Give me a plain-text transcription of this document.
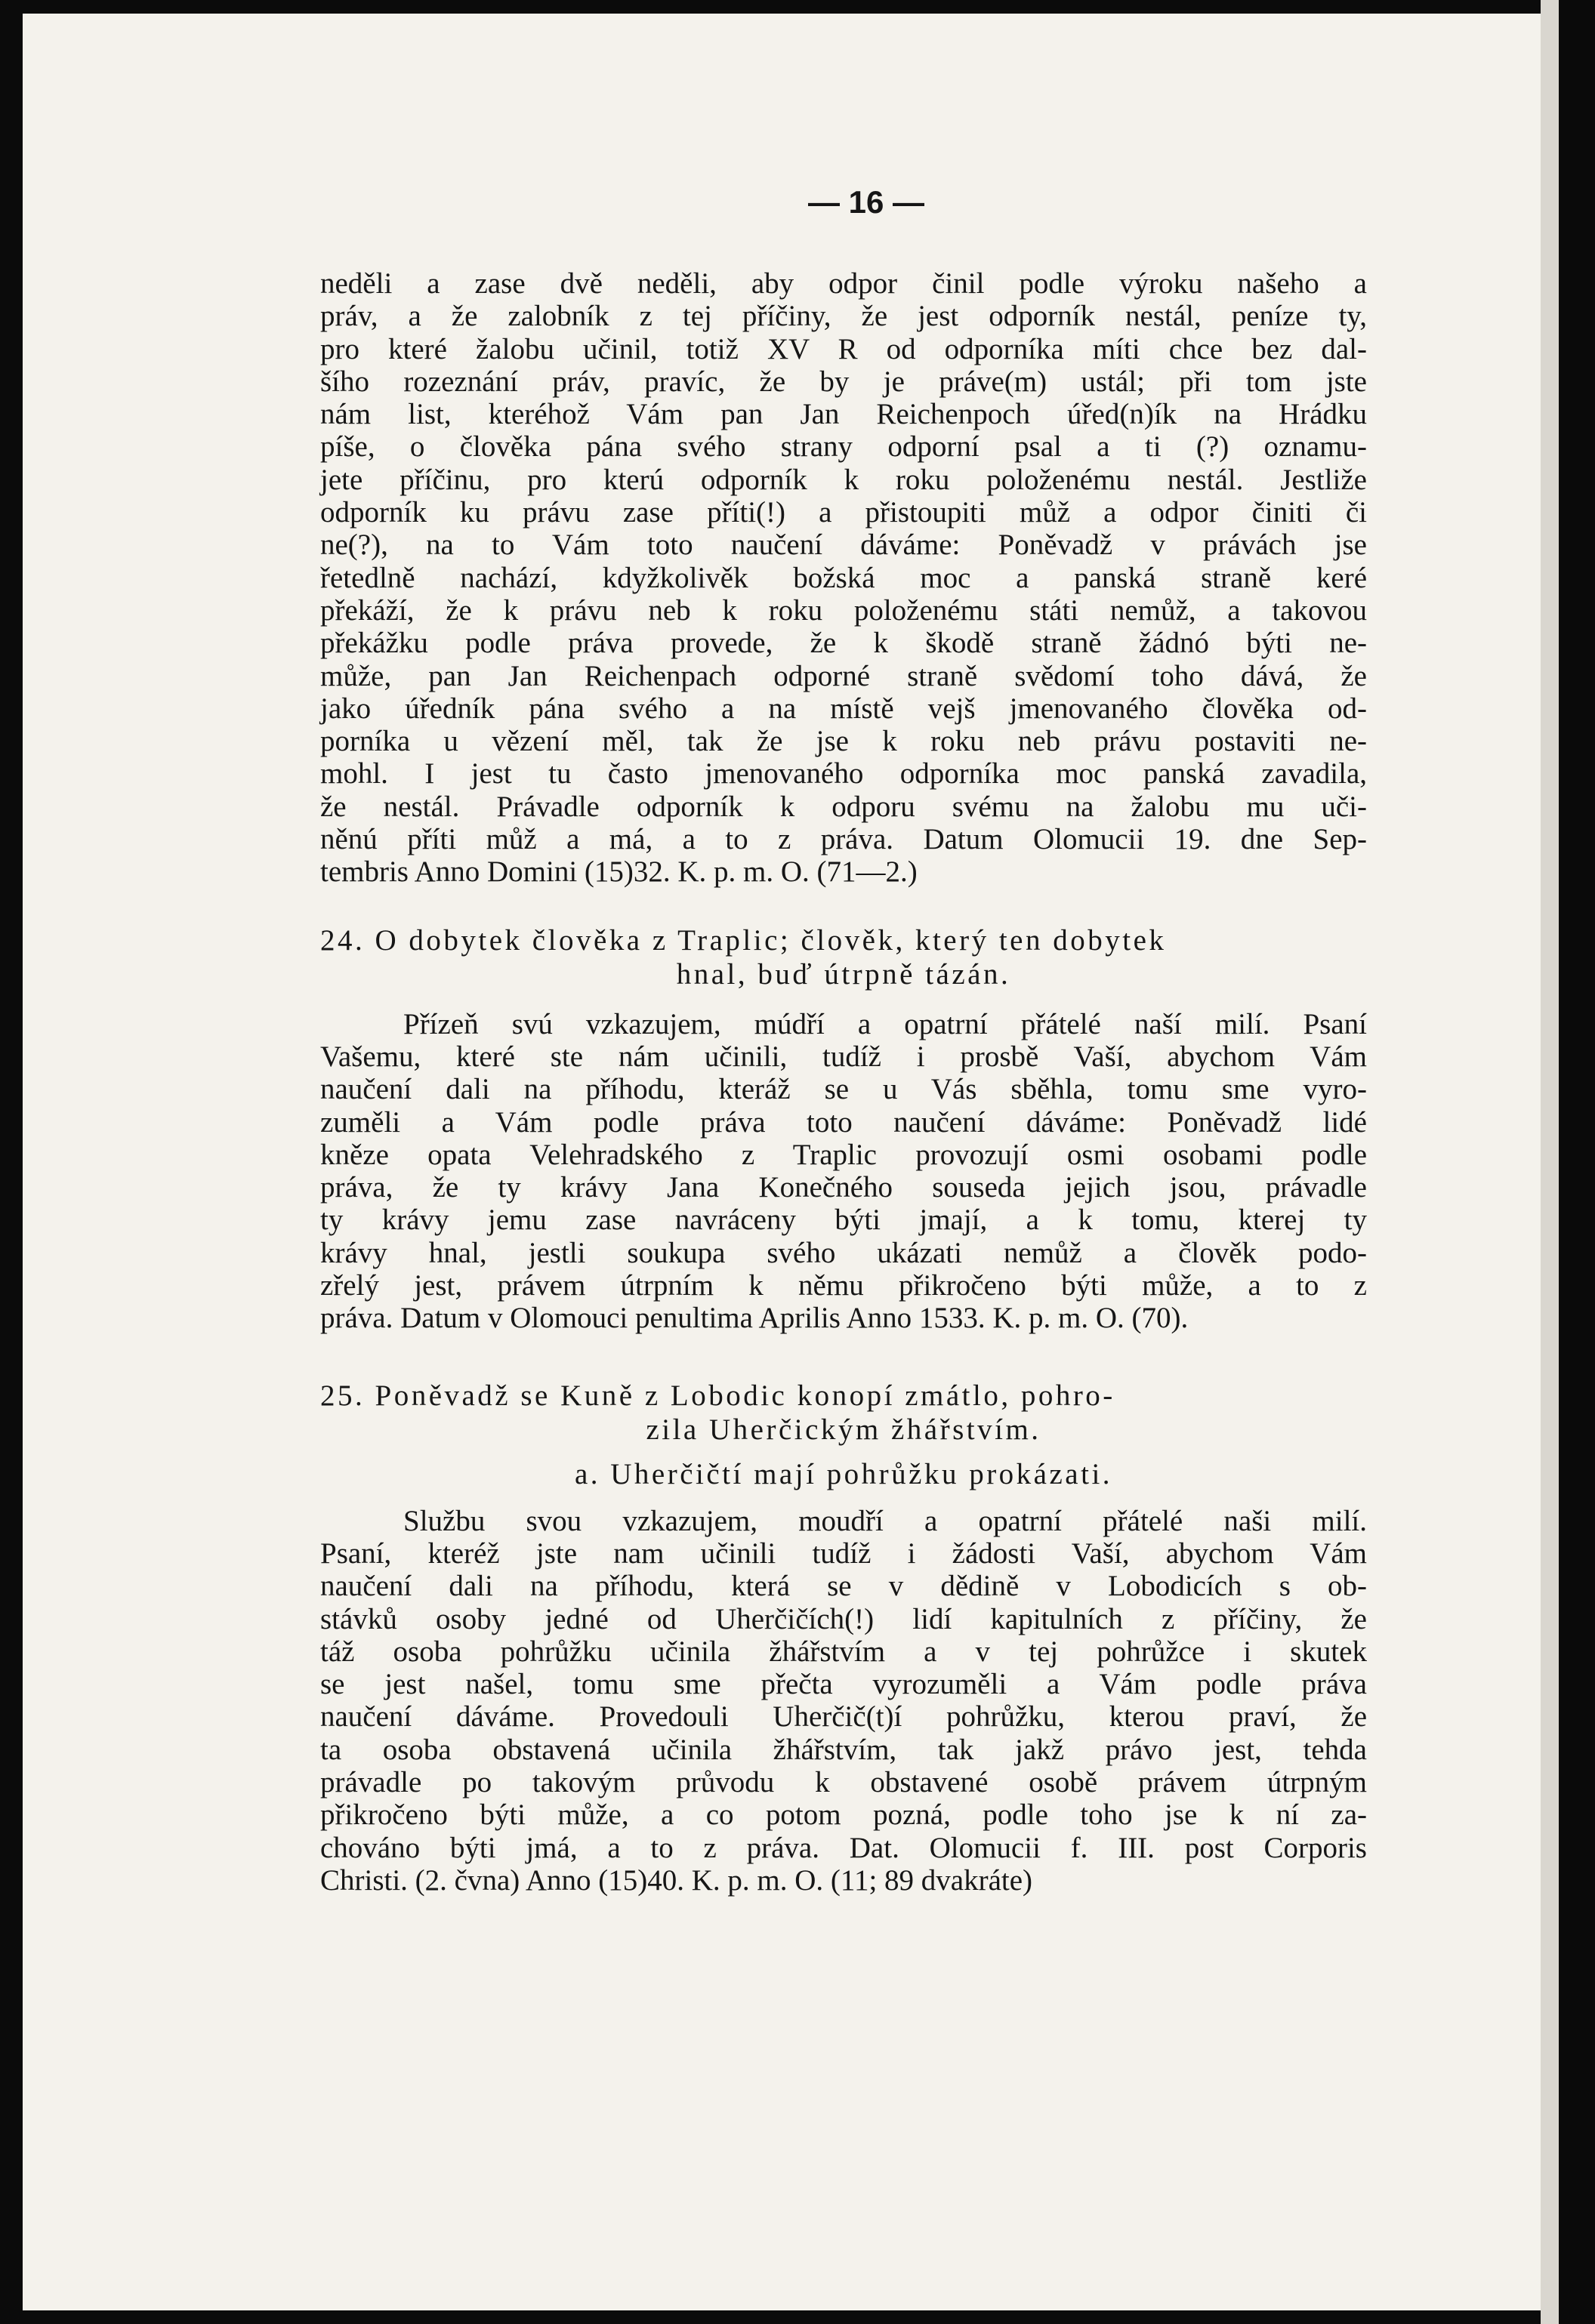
— 16 —
neděli a zase dvě neděli, aby odpor činil podle výroku našeho a
práv, a že zalobník z tej příčiny, že jest odporník nestál, peníze ty,
pro které žalobu učinil, totiž XV R od odporníka míti chce bez dal-
šího rozeznání práv, pravíc, že by je práve(m) ustál; při tom jste
nám list, kteréhož Vám pan Jan Reichenpoch úřed(n)ík na Hrádku
píše, o člověka pána svého strany odporní psal a ti (?) oznamu-
jete příčinu, pro kterú odporník k roku položenému nestál. Jestliže
odporník ku právu zase příti(!) a přistoupiti můž a odpor činiti či
ne(?), na to Vám toto naučení dáváme: Poněvadž v právách jse
řetedlně nachází, kdyžkolivěk božská moc a panská straně keré
překáží, že k právu neb k roku položenému státi nemůž, a takovou
překážku podle práva provede, že k škodě straně žádnó býti ne-
může, pan Jan Reichenpach odporné straně svědomí toho dává, že
jako úředník pána svého a na místě vejš jmenovaného člověka od-
porníka u vězení měl, tak že jse k roku neb právu postaviti ne-
mohl. I jest tu často jmenovaného odporníka moc panská zavadila,
že nestál. Právadle odporník k odporu svému na žalobu mu uči-
něnú příti můž a má, a to z práva. Datum Olomucii 19. dne Sep-
tembris Anno Domini (15)32. K. p. m. O. (71—2.)
24. O dobytek člověka z Traplic; člověk, který ten dobytek
hnal, buď útrpně tázán.
Přízeň svú vzkazujem, múdří a opatrní přátelé naší milí. Psaní
Vašemu, které ste nám učinili, tudíž i prosbě Vaší, abychom Vám
naučení dali na příhodu, kteráž se u Vás sběhla, tomu sme vyro-
zuměli a Vám podle práva toto naučení dáváme: Poněvadž lidé
kněze opata Velehradského z Traplic provozují osmi osobami podle
práva, že ty krávy Jana Konečného souseda jejich jsou, právadle
ty krávy jemu zase navráceny býti jmají, a k tomu, kterej ty
krávy hnal, jestli soukupa svého ukázati nemůž a člověk podo-
zřelý jest, právem útrpním k němu přikročeno býti může, a to z
práva. Datum v Olomouci penultima Aprilis Anno 1533. K. p. m. O. (70).
25. Poněvadž se Kuně z Lobodic konopí zmátlo, pohro-
zila Uherčickým žhářstvím.
a. Uherčičtí mají pohrůžku prokázati.
Službu svou vzkazujem, moudří a opatrní přátelé naši milí.
Psaní, kteréž jste nam učinili tudíž i žádosti Vaší, abychom Vám
naučení dali na příhodu, která se v dědině v Lobodicích s ob-
stávků osoby jedné od Uherčičích(!) lidí kapitulních z příčiny, že
táž osoba pohrůžku učinila žhářstvím a v tej pohrůžce i skutek
se jest našel, tomu sme přečta vyrozuměli a Vám podle práva
naučení dáváme. Provedouli Uherčič(t)í pohrůžku, kterou praví, že
ta osoba obstavená učinila žhářstvím, tak jakž právo jest, tehda
právadle po takovým průvodu k obstavené osobě právem útrpným
přikročeno býti může, a co potom pozná, podle toho jse k ní za-
chováno býti jmá, a to z práva. Dat. Olomucii f. III. post Corporis
Christi. (2. čvna) Anno (15)40. K. p. m. O. (11; 89 dvakráte)
